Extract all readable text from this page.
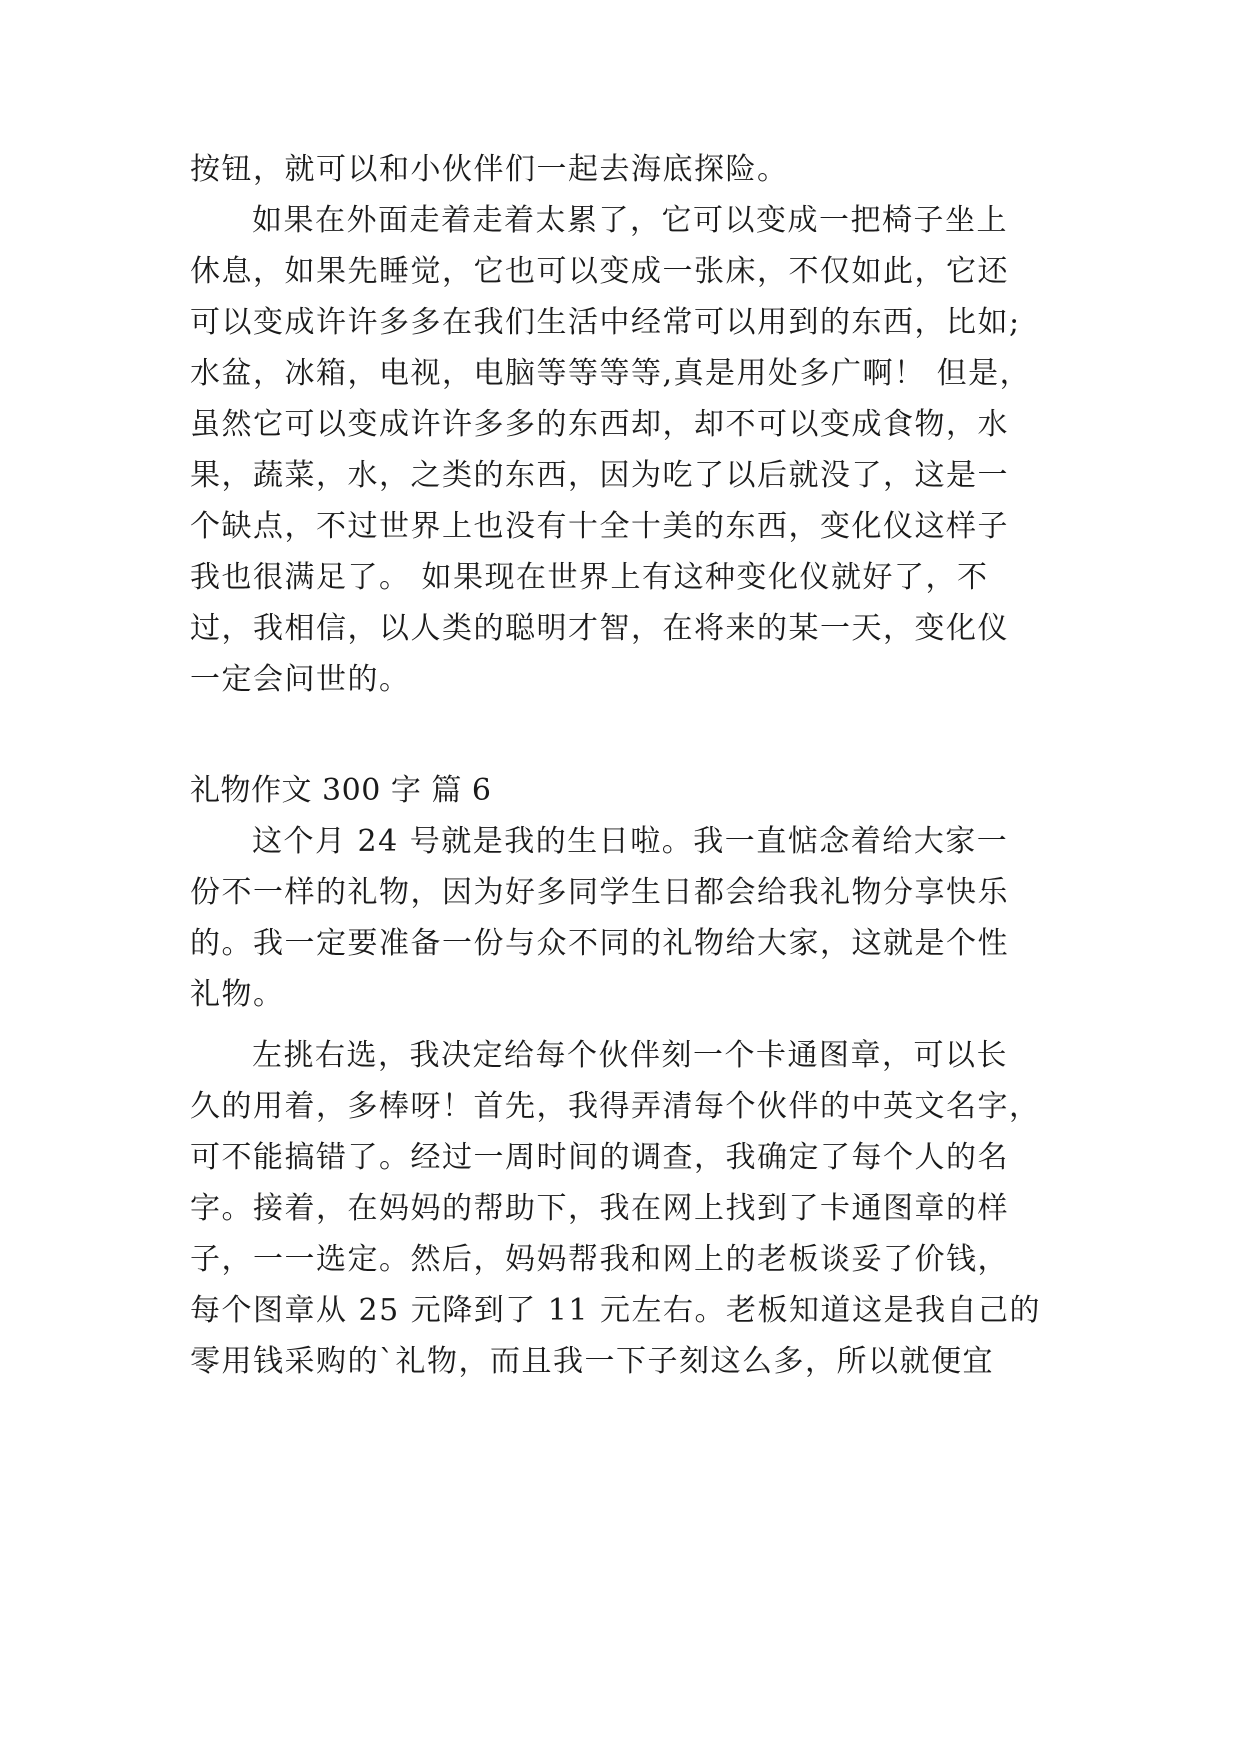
按钮，就可以和小伙伴们一起去海底探险。
如果在外面走着走着太累了，它可以变成一把椅子坐上
休息，如果先睡觉，它也可以变成一张床，不仅如此，它还
可以变成许许多多在我们生活中经常可以用到的东西，比如;
水盆，冰箱，电视，电脑等等等等,真是用处多广啊！ 但是，
虽然它可以变成许许多多的东西却，却不可以变成食物，水
果，蔬菜，水，之类的东西，因为吃了以后就没了，这是一
个缺点，不过世界上也没有十全十美的东西，变化仪这样子
我也很满足了。 如果现在世界上有这种变化仪就好了，不
过，我相信，以人类的聪明才智，在将来的某一天，变化仪
一定会问世的。
礼物作文 300 字 篇 6
这个月 24 号就是我的生日啦。我一直惦念着给大家一
份不一样的礼物，因为好多同学生日都会给我礼物分享快乐
的。我一定要准备一份与众不同的礼物给大家，这就是个性
礼物。
左挑右选，我决定给每个伙伴刻一个卡通图章，可以长
久的用着，多棒呀！首先，我得弄清每个伙伴的中英文名字，
可不能搞错了。经过一周时间的调查，我确定了每个人的名
字。接着，在妈妈的帮助下，我在网上找到了卡通图章的样
子，一一选定。然后，妈妈帮我和网上的老板谈妥了价钱，
每个图章从 25 元降到了 11 元左右。老板知道这是我自己的
零用钱采购的`礼物，而且我一下子刻这么多，所以就便宜
